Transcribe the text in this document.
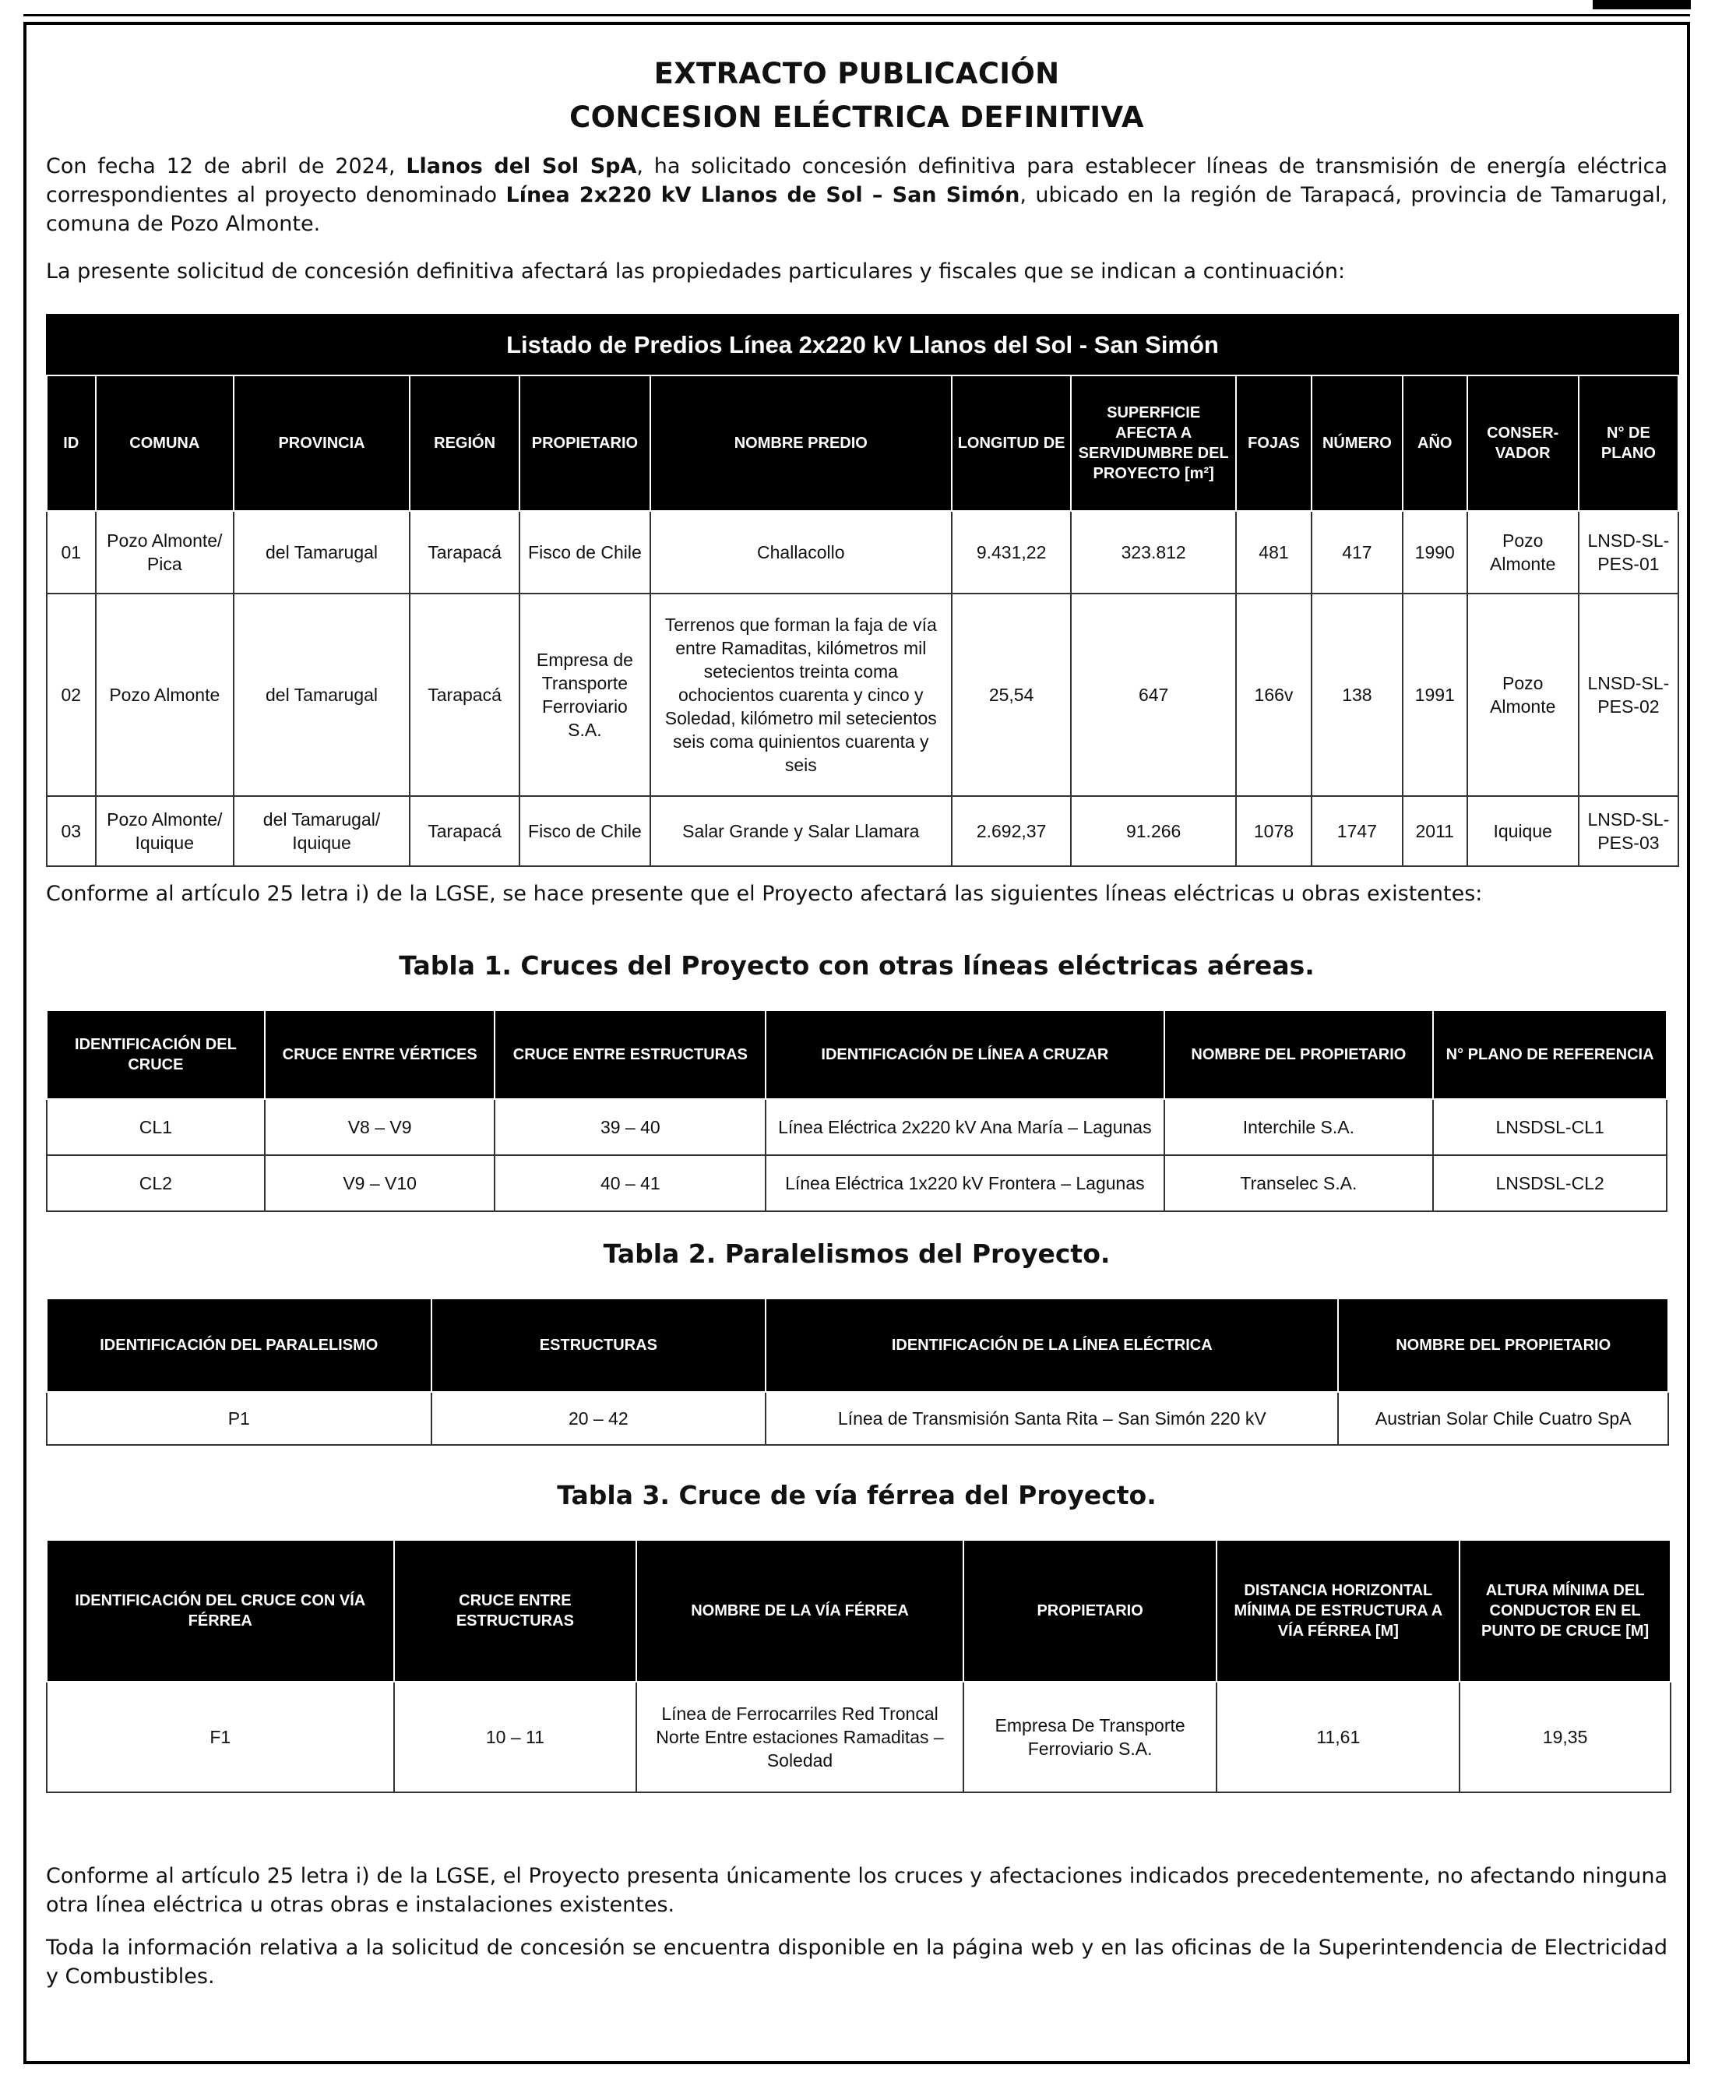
EXTRACTO PUBLICACIÓN
CONCESION ELÉCTRICA DEFINITIVA

Con fecha 12 de abril de 2024, Llanos del Sol SpA, ha solicitado concesión definitiva para establecer líneas de transmisión de energía eléctrica correspondientes al proyecto denominado Línea 2x220 kV Llanos de Sol – San Simón, ubicado en la región de Tarapacá, provincia de Tamarugal, comuna de Pozo Almonte.

La presente solicitud de concesión definitiva afectará las propiedades particulares y fiscales que se indican a continuación:

Listado de Predios Línea 2x220 kV Llanos del Sol - San Simón												
ID	COMUNA	PROVINCIA	REGIÓN	PROPIETARIO	NOMBRE PREDIO	LONGITUD DE	SUPERFICIE AFECTA A SERVIDUMBRE DEL PROYECTO [m²]	FOJAS	NÚMERO	AÑO	CONSER- VADOR	N° DE PLANO
01	Pozo Almonte/ Pica	del Tamarugal	Tarapacá	Fisco de Chile	Challacollo	9.431,22	323.812	481	417	1990	Pozo Almonte	LNSD-SL-PES-01
02	Pozo Almonte	del Tamarugal	Tarapacá	Empresa de Transporte Ferroviario S.A.	Terrenos que forman la faja de vía entre Ramaditas, kilómetros mil setecientos treinta coma ochocientos cuarenta y cinco y Soledad, kilómetro mil setecientos seis coma quinientos cuarenta y seis	25,54	647	166v	138	1991	Pozo Almonte	LNSD-SL-PES-02
03	Pozo Almonte/ Iquique	del Tamarugal/ Iquique	Tarapacá	Fisco de Chile	Salar Grande y Salar Llamara	2.692,37	91.266	1078	1747	2011	Iquique	LNSD-SL-PES-03

Conforme al artículo 25 letra i) de la LGSE, se hace presente que el Proyecto afectará las siguientes líneas eléctricas u obras existentes:

Tabla 1. Cruces del Proyecto con otras líneas eléctricas aéreas.
IDENTIFICACIÓN DEL CRUCE	CRUCE ENTRE VÉRTICES	CRUCE ENTRE ESTRUCTURAS	IDENTIFICACIÓN DE LÍNEA A CRUZAR	NOMBRE DEL PROPIETARIO	N° PLANO DE REFERENCIA
CL1	V8 – V9	39 – 40	Línea Eléctrica 2x220 kV Ana María – Lagunas	Interchile S.A.	LNSDSL-CL1
CL2	V9 – V10	40 – 41	Línea Eléctrica 1x220 kV Frontera – Lagunas	Transelec S.A.	LNSDSL-CL2
Tabla 2. Paralelismos del Proyecto.
IDENTIFICACIÓN DEL PARALELISMO	ESTRUCTURAS	IDENTIFICACIÓN DE LA LÍNEA ELÉCTRICA	NOMBRE DEL PROPIETARIO
P1	20 – 42	Línea de Transmisión Santa Rita – San Simón 220 kV	Austrian Solar Chile Cuatro SpA
Tabla 3. Cruce de vía férrea del Proyecto.
IDENTIFICACIÓN DEL CRUCE CON VÍA FÉRREA	CRUCE ENTRE ESTRUCTURAS	NOMBRE DE LA VÍA FÉRREA	PROPIETARIO	DISTANCIA HORIZONTAL MÍNIMA DE ESTRUCTURA A VÍA FÉRREA [M]	ALTURA MÍNIMA DEL CONDUCTOR EN EL PUNTO DE CRUCE [M]
F1	10 – 11	Línea de Ferrocarriles Red Troncal Norte Entre estaciones Ramaditas – Soledad	Empresa De Transporte Ferroviario S.A.	11,61	19,35

Conforme al artículo 25 letra i) de la LGSE, el Proyecto presenta únicamente los cruces y afectaciones indicados precedentemente, no afectando ninguna otra línea eléctrica u otras obras e instalaciones existentes.

Toda la información relativa a la solicitud de concesión se encuentra disponible en la página web y en las oficinas de la Superintendencia de Electricidad y Combustibles.
